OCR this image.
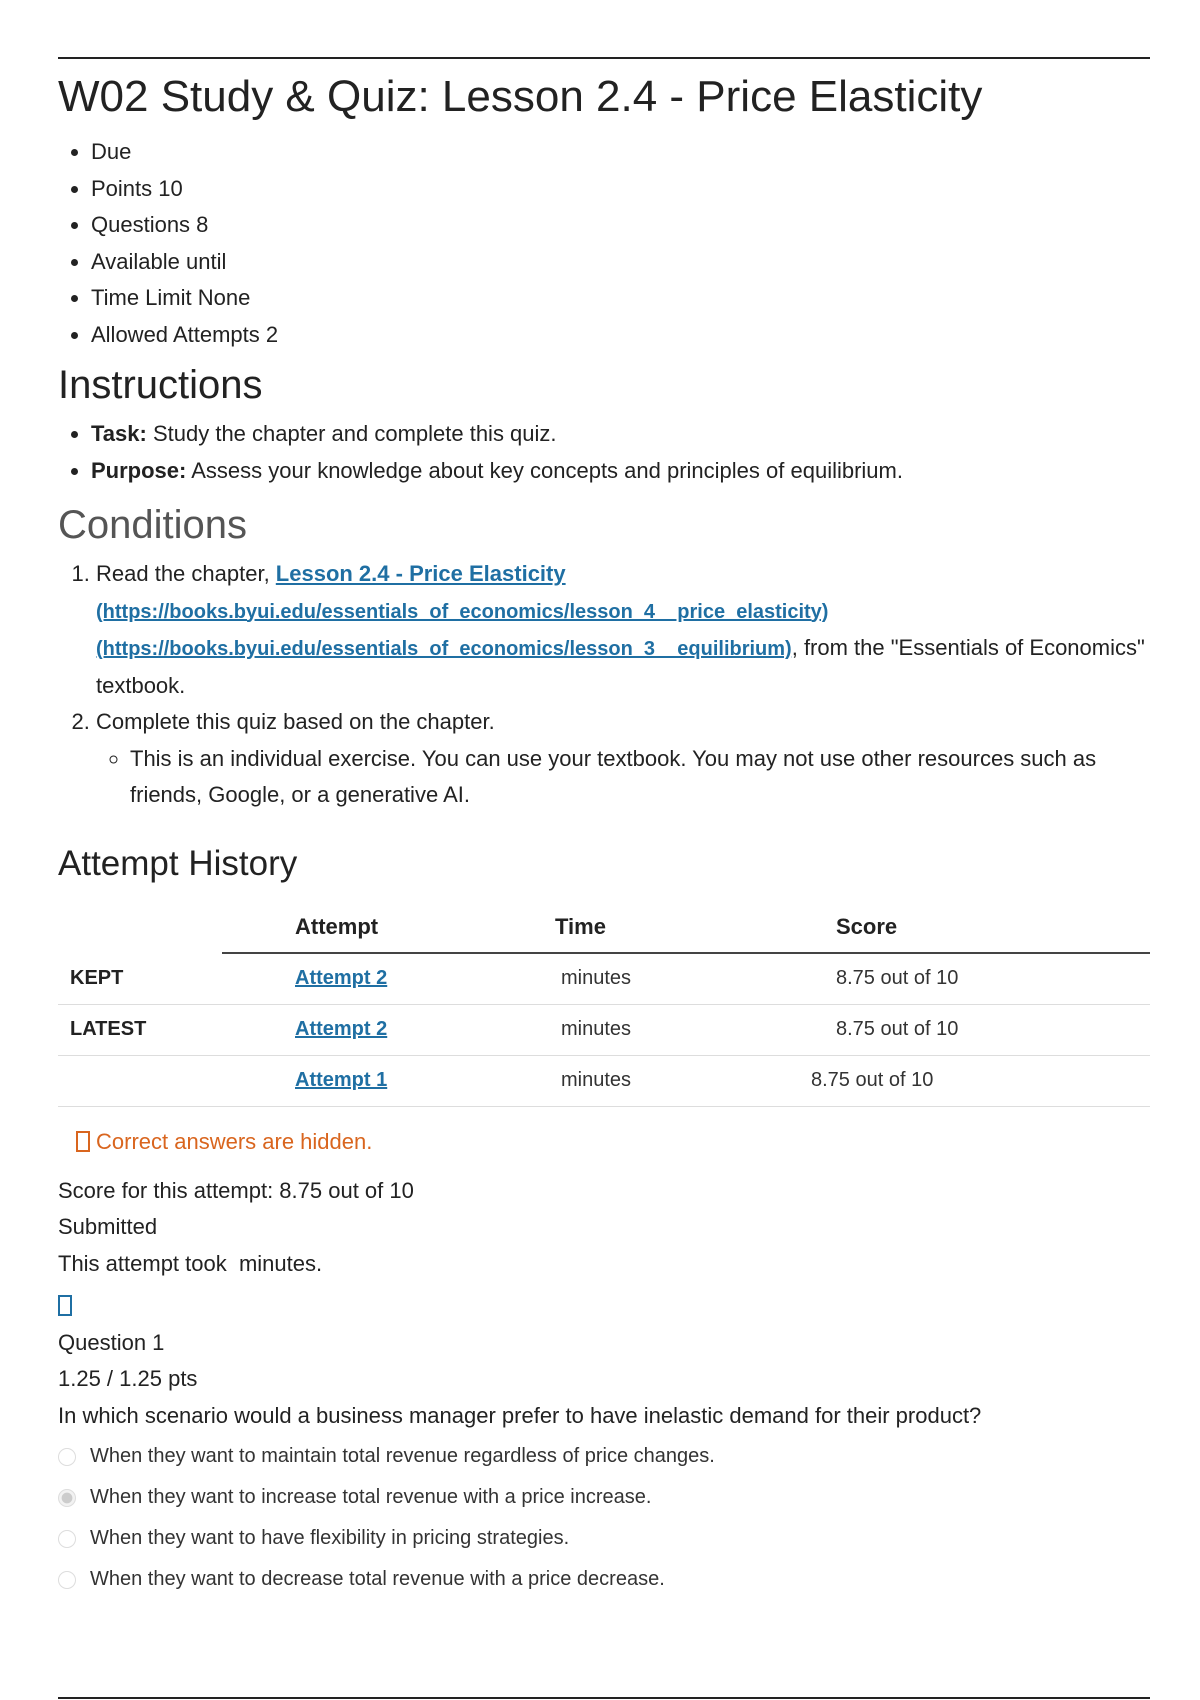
W02 Study & Quiz: Lesson 2.4 - Price Elasticity
• Due
• Points 10
• Questions 8
• Available until
• Time Limit None
• Allowed Attempts 2
Instructions
• Task: Study the chapter and complete this quiz.
• Purpose: Assess your knowledge about key concepts and principles of equilibrium.
Conditions
1. Read the chapter, Lesson 2.4 - Price Elasticity
(https://books.byui.edu/essentials_of_economics/lesson_4    price_elasticity)
(https://books.byui.edu/essentials_of_economics/lesson_3    equilibrium), from the "Essentials of Economics" textbook.
2. Complete this quiz based on the chapter.
◦ This is an individual exercise. You can use your textbook. You may not use other resources such as friends, Google, or a generative AI.
Attempt History
	Attempt	Time	Score
KEPT	Attempt 2	minutes	8.75 out of 10
LATEST	Attempt 2	minutes	8.75 out of 10
	Attempt 1	minutes	8.75 out of 10
Correct answers are hidden.
Score for this attempt: 8.75 out of 10
Submitted
This attempt took  minutes.
Question 1
1.25 / 1.25 pts
In which scenario would a business manager prefer to have inelastic demand for their product?
When they want to maintain total revenue regardless of price changes.
When they want to increase total revenue with a price increase.
When they want to have flexibility in pricing strategies.
When they want to decrease total revenue with a price decrease.
